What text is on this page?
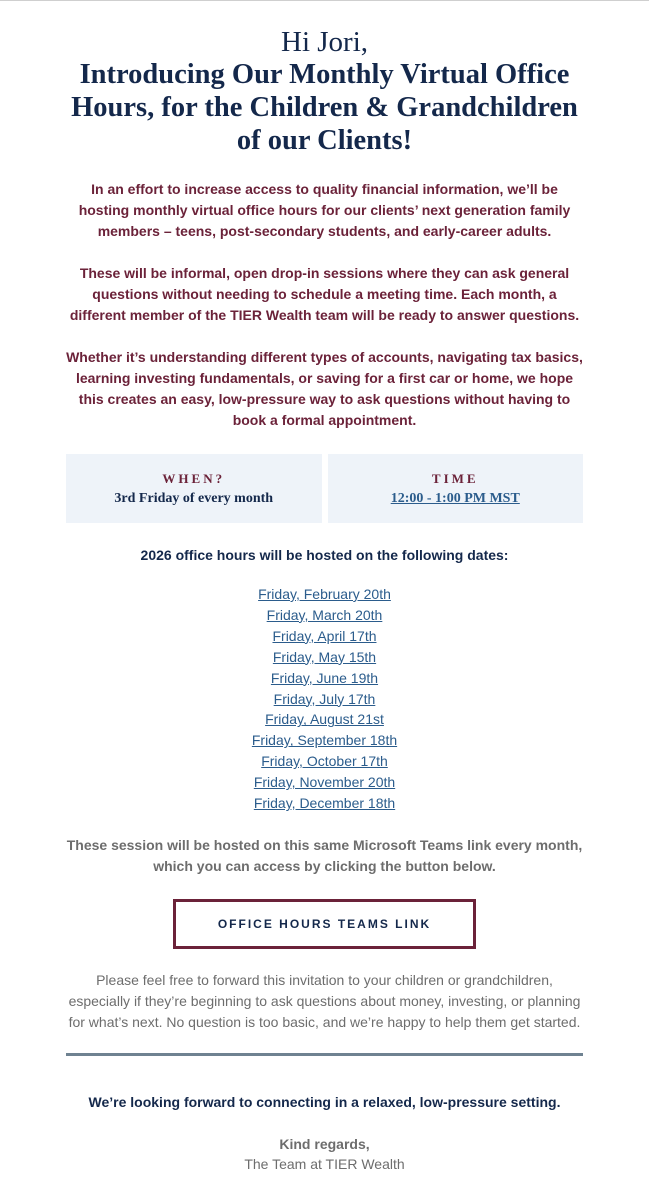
Hi Jori,
Introducing Our Monthly Virtual Office Hours, for the Children & Grandchildren of our Clients!
In an effort to increase access to quality financial information, we’ll be hosting monthly virtual office hours for our clients’ next generation family members – teens, post-secondary students, and early-career adults.
These will be informal, open drop-in sessions where they can ask general questions without needing to schedule a meeting time. Each month, a different member of the TIER Wealth team will be ready to answer questions.
Whether it’s understanding different types of accounts, navigating tax basics, learning investing fundamentals, or saving for a first car or home, we hope this creates an easy, low-pressure way to ask questions without having to book a formal appointment.
WHEN?
3rd Friday of every month
TIME
12:00 - 1:00 PM MST
2026 office hours will be hosted on the following dates:
Friday, February 20th
Friday, March 20th
Friday, April 17th
Friday, May 15th
Friday, June 19th
Friday, July 17th
Friday, August 21st
Friday, September 18th
Friday, October 17th
Friday, November 20th
Friday, December 18th
These session will be hosted on this same Microsoft Teams link every month, which you can access by clicking the button below.
OFFICE HOURS TEAMS LINK
Please feel free to forward this invitation to your children or grandchildren, especially if they’re beginning to ask questions about money, investing, or planning for what’s next. No question is too basic, and we’re happy to help them get started.
We’re looking forward to connecting in a relaxed, low-pressure setting.
Kind regards,
The Team at TIER Wealth
